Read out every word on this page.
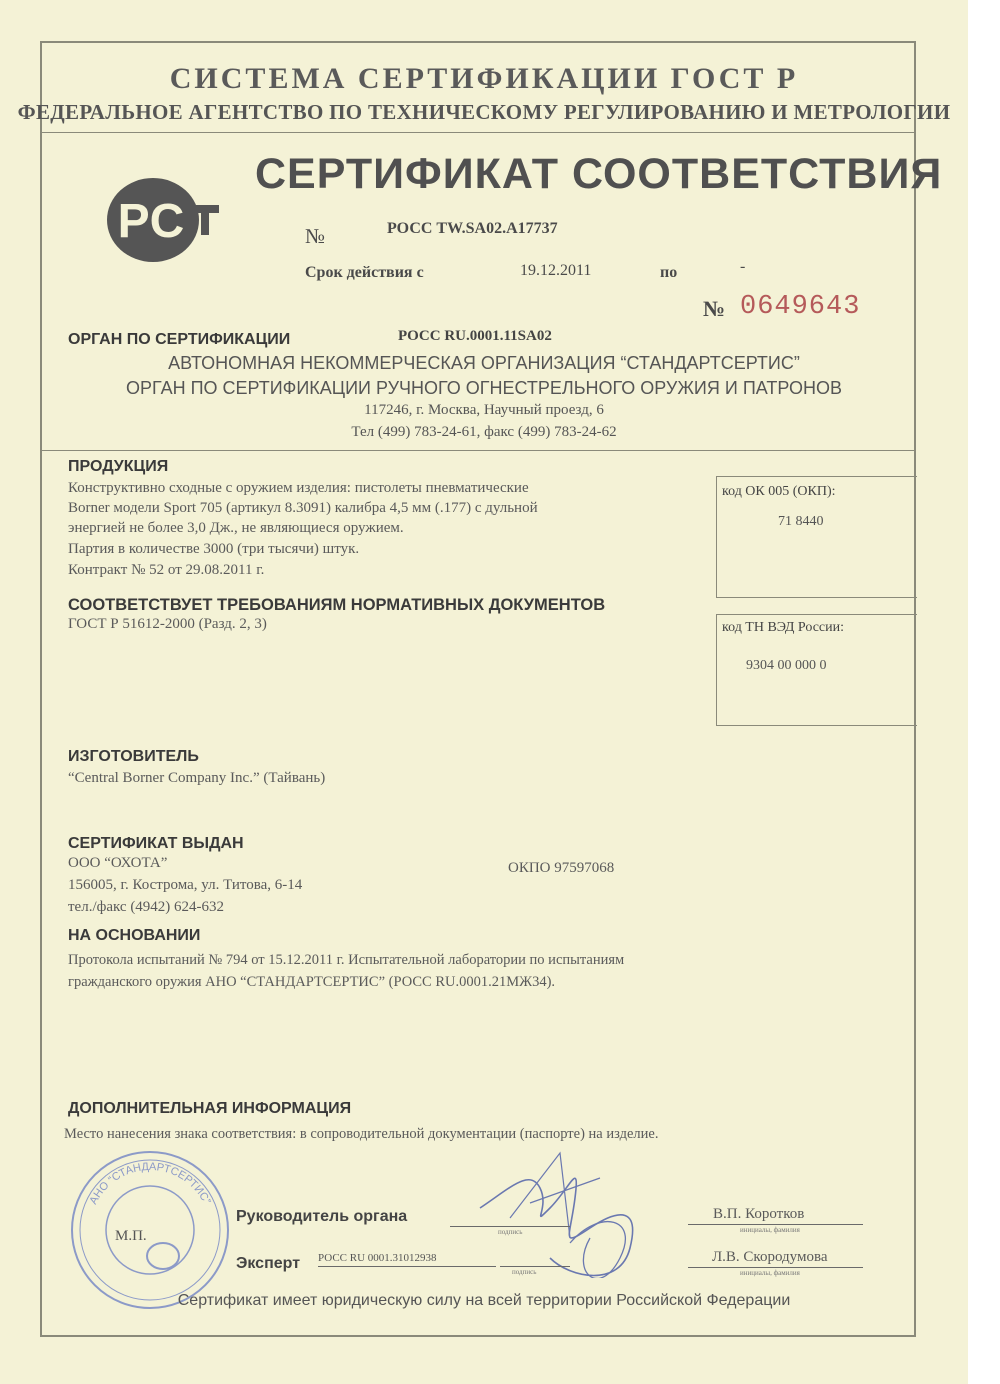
СИСТЕМА СЕРТИФИКАЦИИ ГОСТ Р
ФЕДЕРАЛЬНОЕ АГЕНТСТВО ПО ТЕХНИЧЕСКОМУ РЕГУЛИРОВАНИЮ И МЕТРОЛОГИИ
СЕРТИФИКАТ СООТВЕТСТВИЯ
PC	№	РОСС TW.SA02.A17737
Срок действия с	19.12.2011	по	-
№ 0649643
ОРГАН ПО СЕРТИФИКАЦИИ	РОСС RU.0001.11SA02
АВТОНОМНАЯ НЕКОММЕРЧЕСКАЯ ОРГАНИЗАЦИЯ “СТАНДАРТСЕРТИС”
ОРГАН ПО СЕРТИФИКАЦИИ РУЧНОГО ОГНЕСТРЕЛЬНОГО ОРУЖИЯ И ПАТРОНОВ
117246, г. Москва, Научный проезд, 6
Тел (499) 783-24-61, факс (499) 783-24-62
ПРОДУКЦИЯ
Конструктивно сходные с оружием изделия: пистолеты пневматические
Borner модели Sport 705 (артикул 8.3091) калибра 4,5 мм (.177) с дульной
энергией не более 3,0 Дж., не являющиеся оружием.
Партия в количестве 3000 (три тысячи) штук.
Контракт № 52 от 29.08.2011 г.
код ОК 005 (ОКП):
71 8440
СООТВЕТСТВУЕТ ТРЕБОВАНИЯМ НОРМАТИВНЫХ ДОКУМЕНТОВ
ГОСТ Р 51612-2000 (Разд. 2, 3)	код ТН ВЭД России:
9304 00 000 0
ИЗГОТОВИТЕЛЬ
“Central Borner Company Inc.” (Тайвань)
СЕРТИФИКАТ ВЫДАН
ООО “ОХОТА”	ОКПО 97597068
156005, г. Кострома, ул. Титова, 6-14
тел./факс (4942) 624-632
НА ОСНОВАНИИ
Протокола испытаний № 794 от 15.12.2011 г. Испытательной лаборатории по испытаниям
гражданского оружия АНО “СТАНДАРТСЕРТИС” (РОСС RU.0001.21МЖ34).
ДОПОЛНИТЕЛЬНАЯ ИНФОРМАЦИЯ
Место нанесения знака соответствия: в сопроводительной документации (паспорте) на изделие.
АНО “СТАНДАРТСЕРТИС”
М.П.
Руководитель органа
подпись
В.П. Коротков
инициалы, фамилия
Эксперт РОСС RU 0001.31012938
подпись
Л.В. Скородумова
инициалы, фамилия
Сертификат имеет юридическую силу на всей территории Российской Федерации
